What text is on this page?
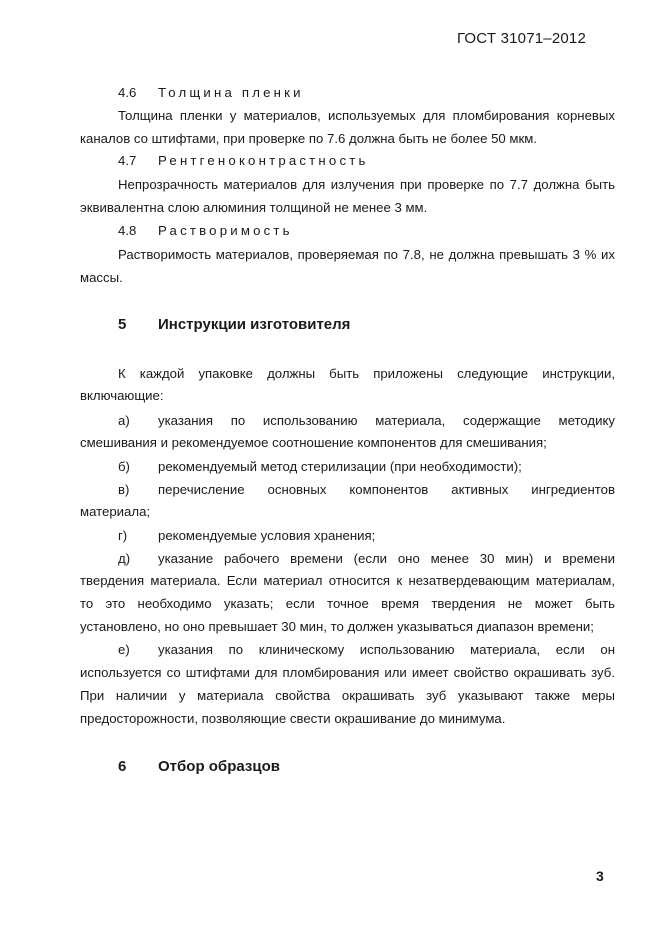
ГОСТ 31071–2012
4.6 Толщина пленки
Толщина пленки у материалов, используемых для пломбирования корневых
каналов со штифтами, при проверке по 7.6 должна быть не более 50 мкм.
4.7 Рентгеноконтрастность
Непрозрачность материалов для излучения при проверке по 7.7 должна быть
эквивалентна слою алюминия толщиной не менее 3 мм.
4.8 Растворимость
Растворимость материалов, проверяемая по 7.8, не должна превышать 3 % их
массы.
5 Инструкции изготовителя
К каждой упаковке должны быть приложены следующие инструкции,
включающие:
а) указания по использованию материала, содержащие методику
смешивания и рекомендуемое соотношение компонентов для смешивания;
б) рекомендуемый метод стерилизации (при необходимости);
в) перечисление основных компонентов активных ингредиентов
материала;
г) рекомендуемые условия хранения;
д) указание рабочего времени (если оно менее 30 мин) и времени
твердения материала. Если материал относится к незатвердевающим материалам,
то это необходимо указать; если точное время твердения не может быть
установлено, но оно превышает 30 мин, то должен указываться диапазон времени;
е) указания по клиническому использованию материала, если он
используется со штифтами для пломбирования или имеет свойство окрашивать зуб.
При наличии у материала свойства окрашивать зуб указывают также меры
предосторожности, позволяющие свести окрашивание до минимума.
6 Отбор образцов
3
